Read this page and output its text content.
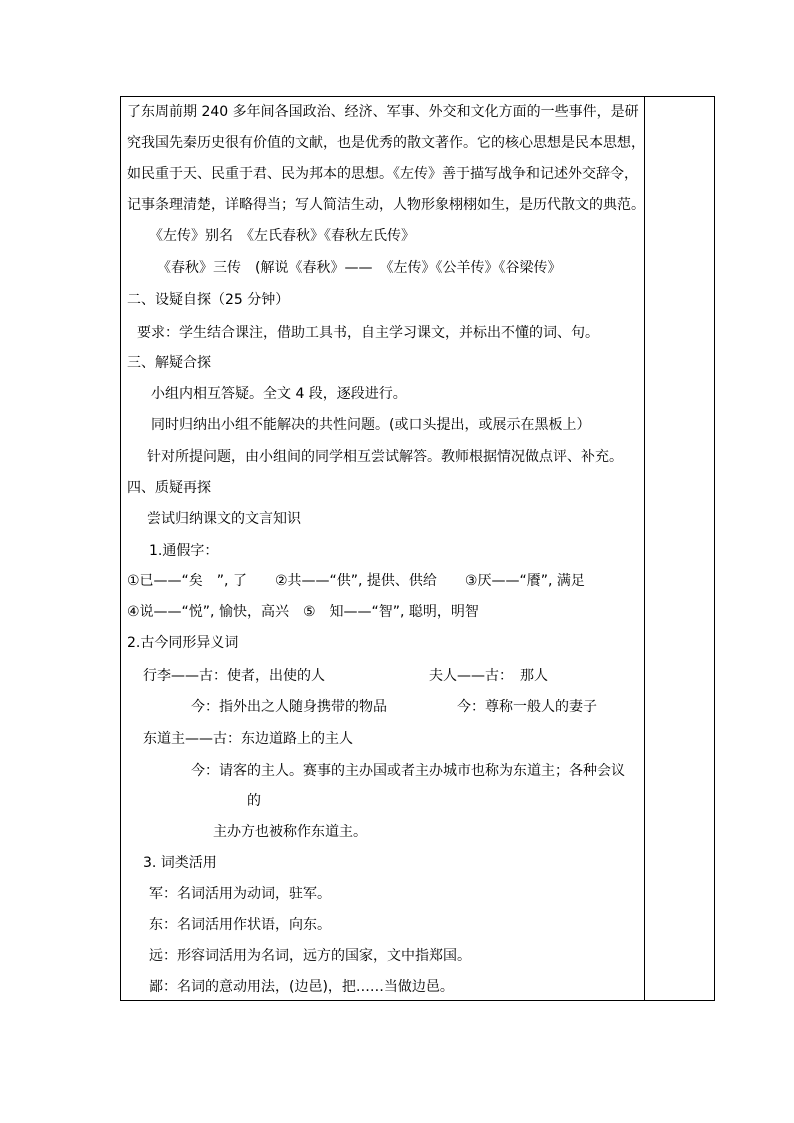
了东周前期 240 多年间各国政治、经济、军事、外交和文化方面的一些事件，是研
究我国先秦历史很有价值的文献，也是优秀的散文著作。它的核心思想是民本思想，
如民重于天、民重于君、民为邦本的思想。《左传》善于描写战争和记述外交辞令，
记事条理清楚，详略得当；写人简洁生动，人物形象栩栩如生，是历代散文的典范。
《左传》别名　《左氏春秋》《春秋左氏传》
《春秋》三传　(解说《春秋》——　《左传》《公羊传》《谷梁传》
二、设疑自探（25 分钟）
要求：学生结合课注，借助工具书，自主学习课文，并标出不懂的词、句。
三、解疑合探
小组内相互答疑。全文 4 段，逐段进行。
同时归纳出小组不能解决的共性问题。(或口头提出，或展示在黑板上）
针对所提问题，由小组间的同学相互尝试解答。教师根据情况做点评、补充。
四、质疑再探
尝试归纳课文的文言知识
1.通假字：
①已——“矣　”, 了　　②共——“供”, 提供、供给　　③厌——“餍”, 满足
④说——“悦”, 愉快，高兴　⑤　知——“智”, 聪明，明智
2.古今同形异义词
行李——古：使者，出使的人	夫人——古：　那人
今：指外出之人随身携带的物品	今：尊称一般人的妻子
东道主——古：东边道路上的主人
今：请客的主人。赛事的主办国或者主办城市也称为东道主；各种会议
的
主办方也被称作东道主。
3. 词类活用
军：名词活用为动词，驻军。
东：名词活用作状语，向东。
远：形容词活用为名词，远方的国家，文中指郑国。
鄙：名词的意动用法，(边邑)，把……当做边邑。
